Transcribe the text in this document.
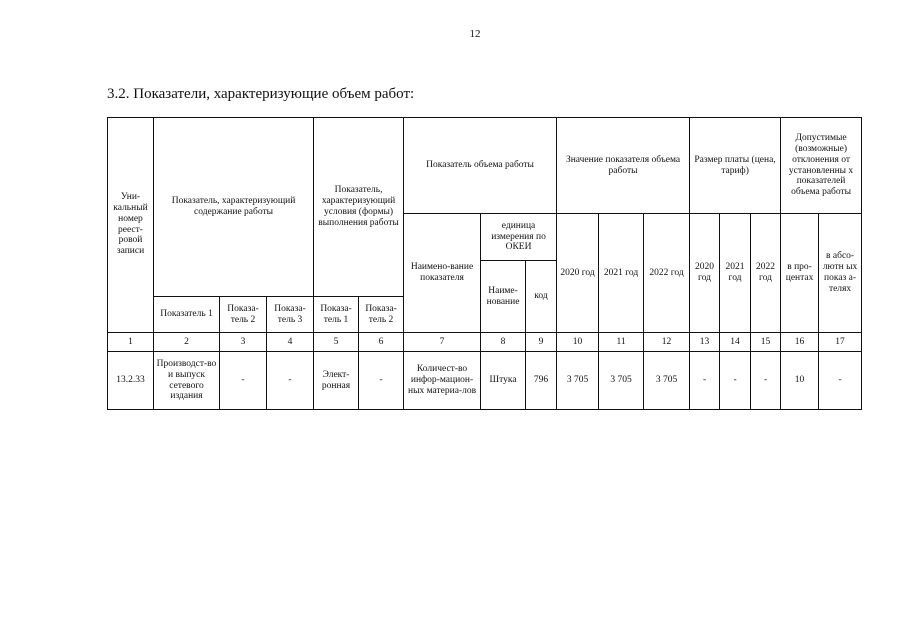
12
3.2. Показатели, характеризующие объем работ:
Уни-кальный номер реест-ровой записи	Показатель, характеризующий содержание работы			Показатель, характеризующий условия (формы) выполнения работы		Показатель объема работы			Значение показателя объема работы			Размер платы (цена, тариф)			Допустимые (возможные) отклонения от установленны х показателей объема работы	
						Наимено-вание показателя	единица измерения по ОКЕИ		2020 год	2021 год	2022 год	2020 год	2021 год	2022 год	в про-центах	в абсо-лютн ых показ а-телях
							Наиме-нование	код								
	Показатель 1	Показа-тель 2	Показа-тель 3	Показа-тель 1	Показа-тель 2											
1	2	3	4	5	6	7	8	9	10	11	12	13	14	15	16	17
13.2.33	Производст-во и выпуск сетевого издания	-	-	Элект-ронная	-	Количест-во инфор-мацион-ных материа-лов	Штука	796	3 705	3 705	3 705	-	-	-	10	-
